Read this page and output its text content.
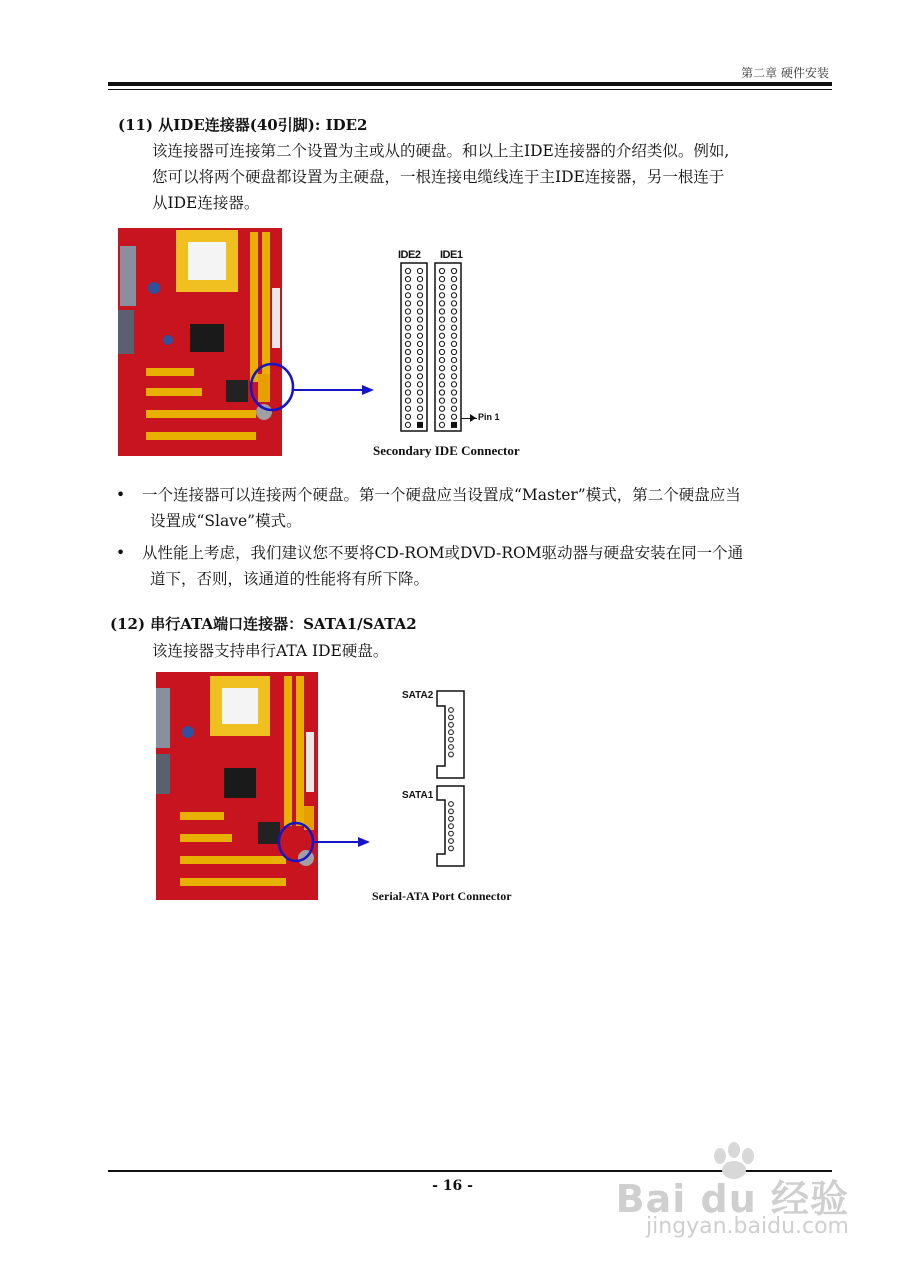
第二章 硬件安装
(11) 从IDE连接器(40引脚): IDE2
该连接器可连接第二个设置为主或从的硬盘。和以上主IDE连接器的介绍类似。例如,
您可以将两个硬盘都设置为主硬盘，一根连接电缆线连于主IDE连接器，另一根连于
从IDE连接器。
IDE2 IDE1
Pin 1
Secondary IDE Connector
• 一个连接器可以连接两个硬盘。第一个硬盘应当设置成“Master”模式，第二个硬盘应当
设置成“Slave”模式。
• 从性能上考虑，我们建议您不要将CD-ROM或DVD-ROM驱动器与硬盘安装在同一个通
道下，否则，该通道的性能将有所下降。
(12) 串行ATA端口连接器：SATA1/SATA2
该连接器支持串行ATA IDE硬盘。
SATA2
SATA1
Serial-ATA Port Connector
- 16 -	Bai du 经验
jingyan.baidu.com
